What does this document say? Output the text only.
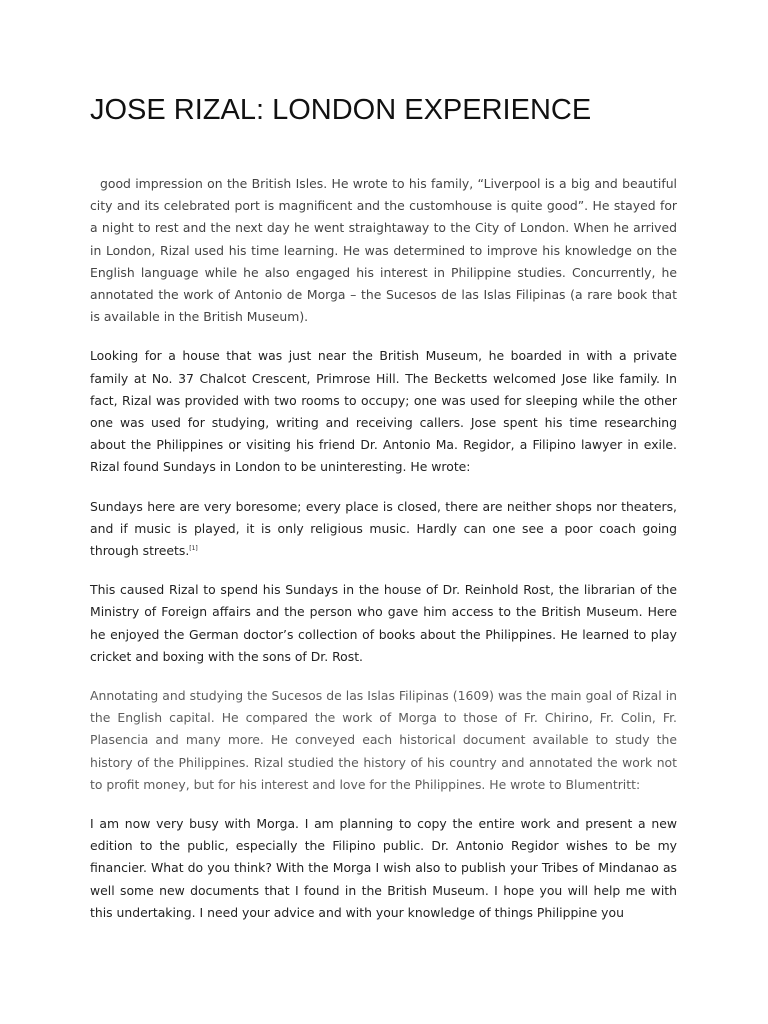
JOSE RIZAL: LONDON EXPERIENCE

good impression on the British Isles. He wrote to his family, “Liverpool is a big and beautiful city and its celebrated port is magnificent and the customhouse is quite good”. He stayed for a night to rest and the next day he went straightaway to the City of London. When he arrived in London, Rizal used his time learning. He was determined to improve his knowledge on the English language while he also engaged his interest in Philippine studies. Concurrently, he annotated the work of Antonio de Morga – the Sucesos de las Islas Filipinas (a rare book that is available in the British Museum).

Looking for a house that was just near the British Museum, he boarded in with a private family at No. 37 Chalcot Crescent, Primrose Hill. The Becketts welcomed Jose like family. In fact, Rizal was provided with two rooms to occupy; one was used for sleeping while the other one was used for studying, writing and receiving callers. Jose spent his time researching about the Philippines or visiting his friend Dr. Antonio Ma. Regidor, a Filipino lawyer in exile. Rizal found Sundays in London to be uninteresting. He wrote:

Sundays here are very boresome; every place is closed, there are neither shops nor theaters, and if music is played, it is only religious music. Hardly can one see a poor coach going through streets.[1]

This caused Rizal to spend his Sundays in the house of Dr. Reinhold Rost, the librarian of the Ministry of Foreign affairs and the person who gave him access to the British Museum. Here he enjoyed the German doctor’s collection of books about the Philippines. He learned to play cricket and boxing with the sons of Dr. Rost.

Annotating and studying the Sucesos de las Islas Filipinas (1609) was the main goal of Rizal in the English capital. He compared the work of Morga to those of Fr. Chirino, Fr. Colin, Fr. Plasencia and many more. He conveyed each historical document available to study the history of the Philippines. Rizal studied the history of his country and annotated the work not to profit money, but for his interest and love for the Philippines. He wrote to Blumentritt:

I am now very busy with Morga. I am planning to copy the entire work and present a new edition to the public, especially the Filipino public. Dr. Antonio Regidor wishes to be my financier. What do you think? With the Morga I wish also to publish your Tribes of Mindanao as well some new documents that I found in the British Museum. I hope you will help me with this undertaking. I need your advice and with your knowledge of things Philippine you
